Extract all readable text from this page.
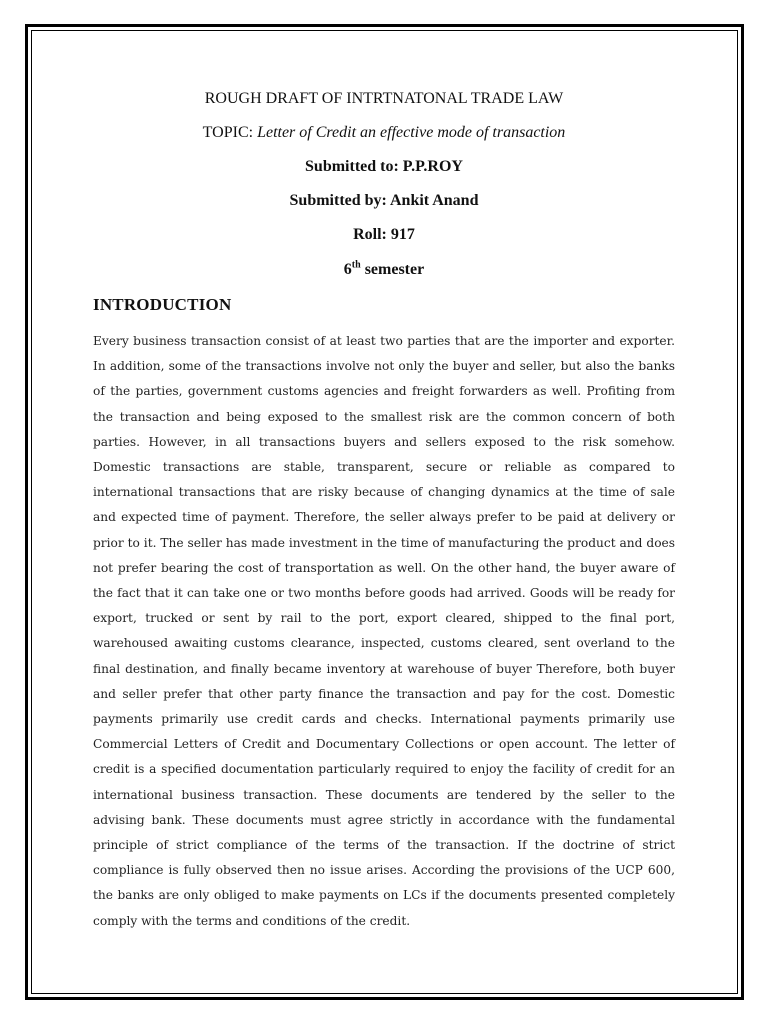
ROUGH DRAFT OF INTRTNATONAL TRADE LAW

TOPIC: Letter of Credit an effective mode of transaction

Submitted to: P.P.ROY

Submitted by: Ankit Anand

Roll: 917

6th semester

INTRODUCTION

Every business transaction consist of at least two parties that are the importer and exporter. In addition, some of the transactions involve not only the buyer and seller, but also the banks of the parties, government customs agencies and freight forwarders as well. Profiting from the transaction and being exposed to the smallest risk are the common concern of both parties. However, in all transactions buyers and sellers exposed to the risk somehow. Domestic transactions are stable, transparent, secure or reliable as compared to international transactions that are risky because of changing dynamics at the time of sale and expected time of payment. Therefore, the seller always prefer to be paid at delivery or prior to it. The seller has made investment in the time of manufacturing the product and does not prefer bearing the cost of transportation as well. On the other hand, the buyer aware of the fact that it can take one or two months before goods had arrived. Goods will be ready for export, trucked or sent by rail to the port, export cleared, shipped to the final port, warehoused awaiting customs clearance, inspected, customs cleared, sent overland to the final destination, and finally became inventory at warehouse of buyer Therefore, both buyer and seller prefer that other party finance the transaction and pay for the cost. Domestic payments primarily use credit cards and checks. International payments primarily use Commercial Letters of Credit and Documentary Collections or open account. The letter of credit is a specified documentation particularly required to enjoy the facility of credit for an international business transaction. These documents are tendered by the seller to the advising bank. These documents must agree strictly in accordance with the fundamental principle of strict compliance of the terms of the transaction. If the doctrine of strict compliance is fully observed then no issue arises. According the provisions of the UCP 600, the banks are only obliged to make payments on LCs if the documents presented completely comply with the terms and conditions of the credit.
